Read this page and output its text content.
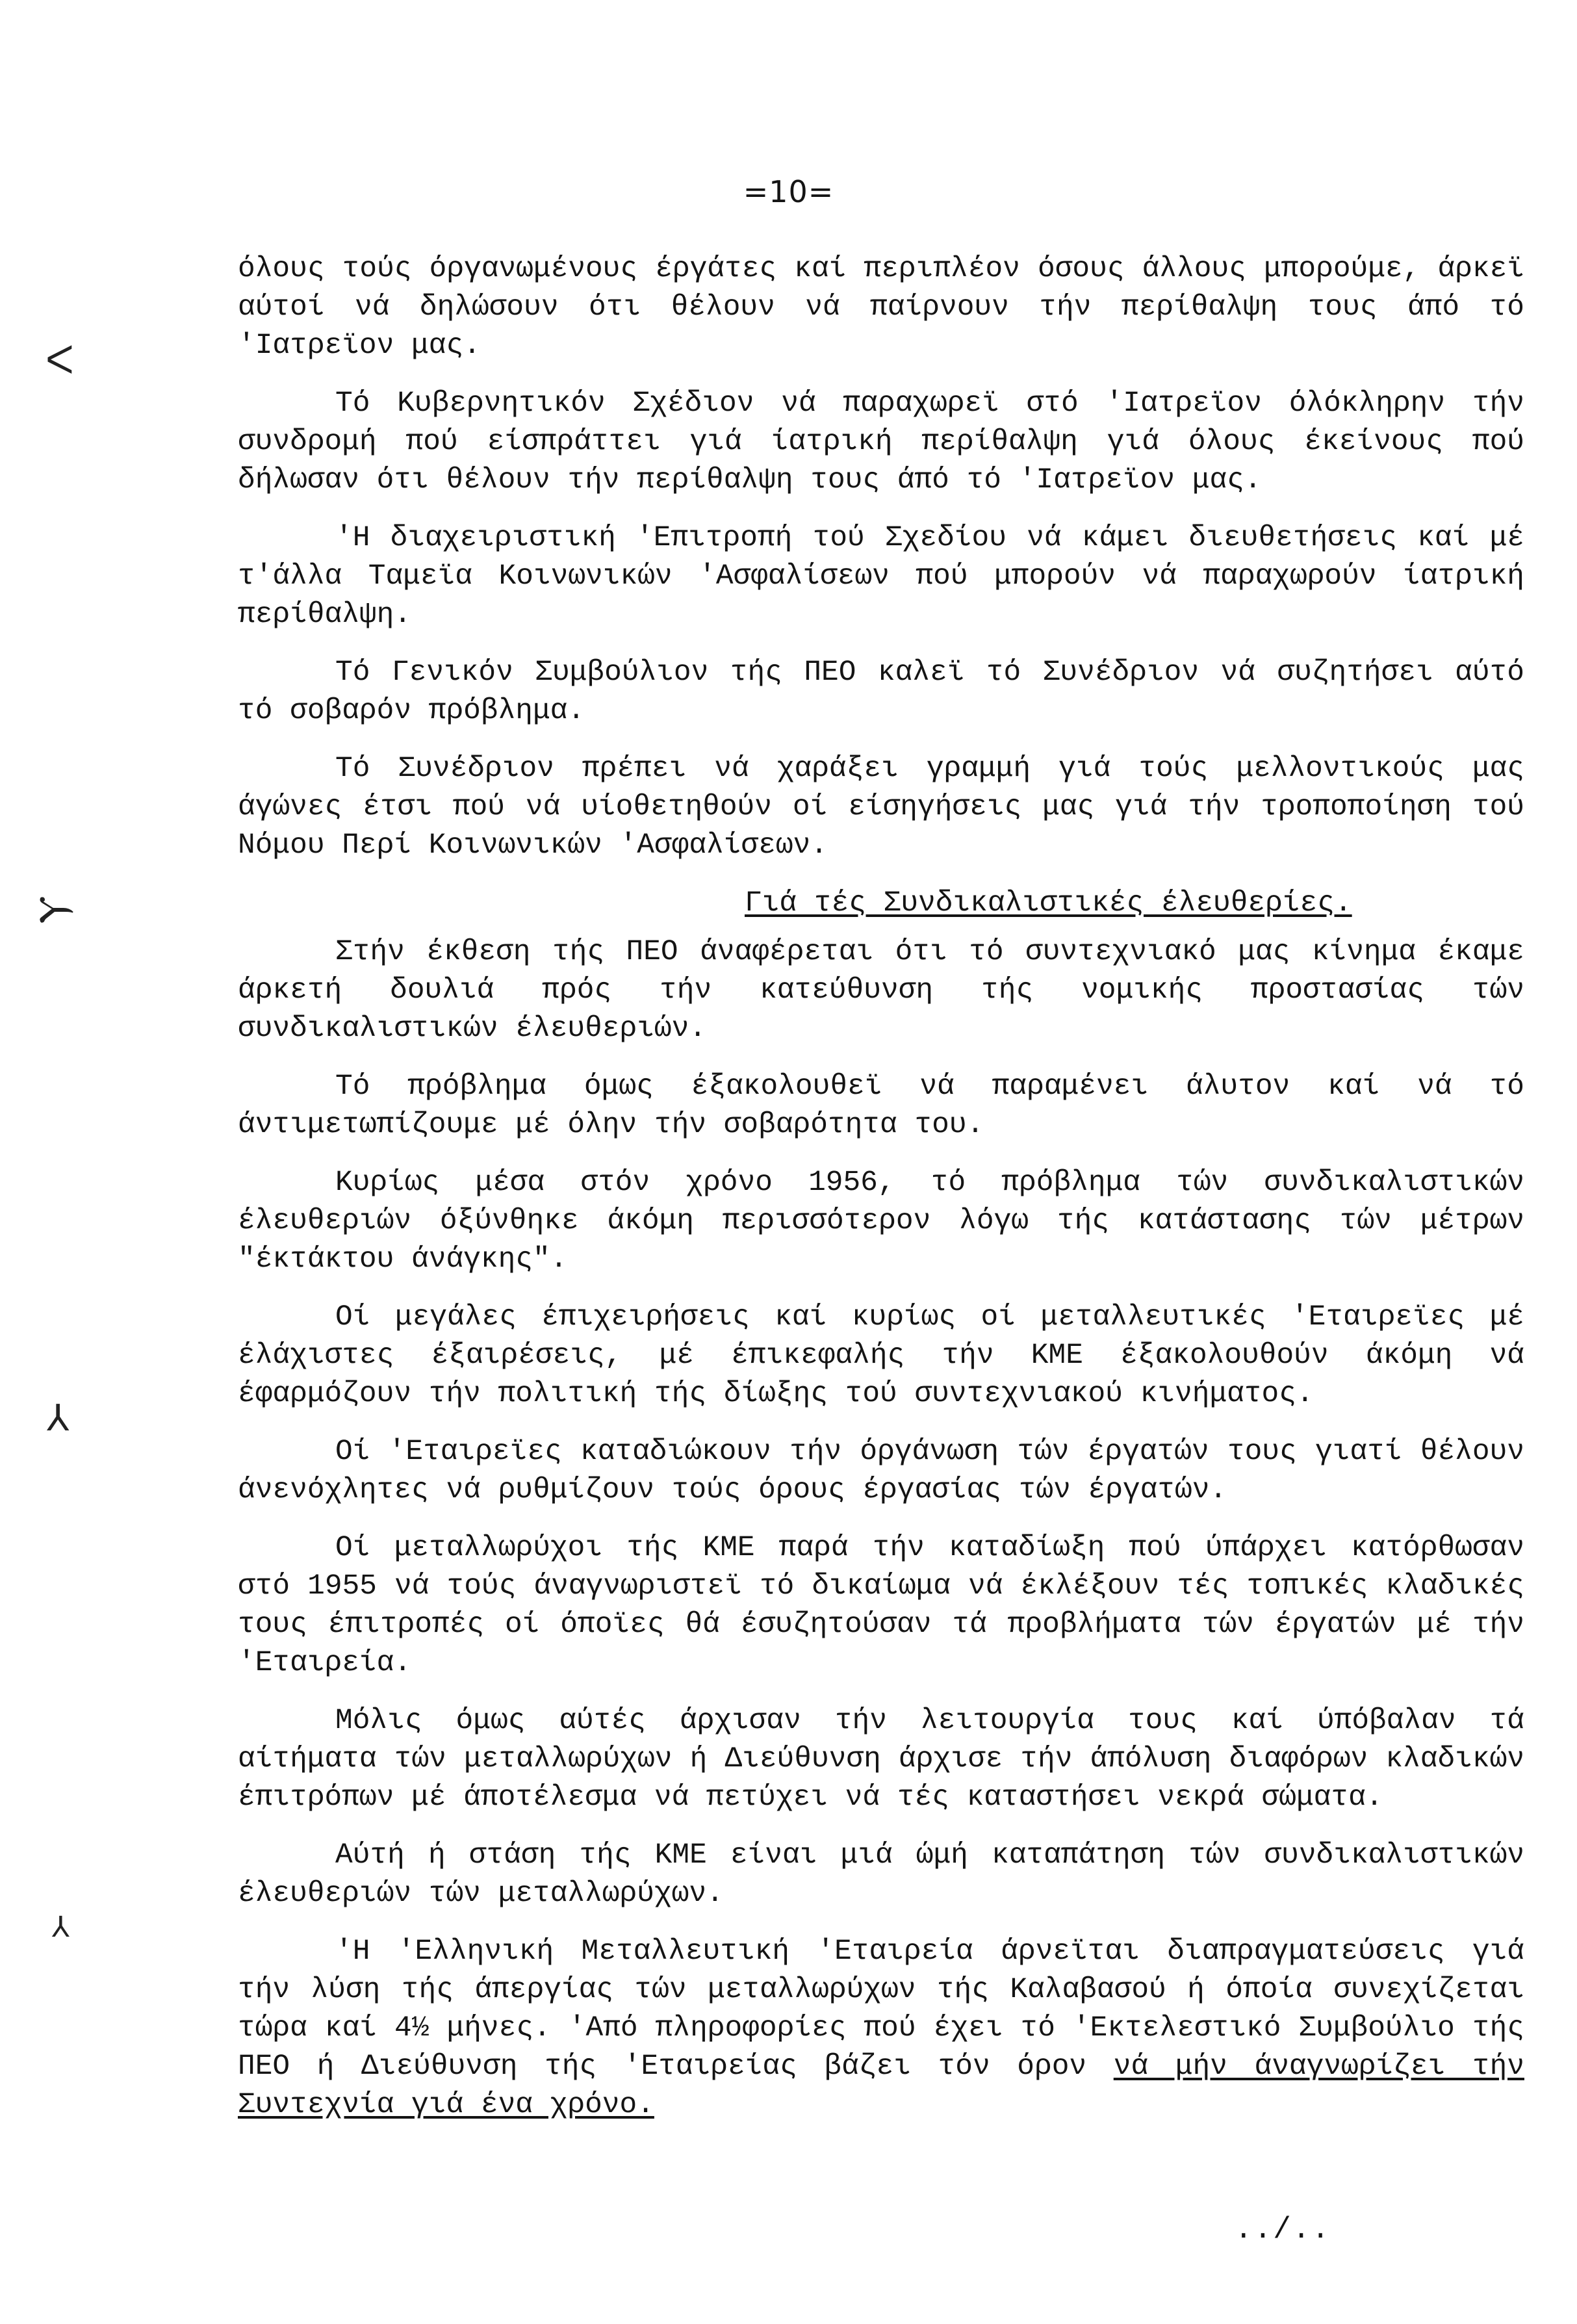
ᐸ
Ⲩ
⅄
⅄
=10=

όλους τούς όργανωμένους έργάτες καί περιπλέον όσους άλλους μπορούμε, άρκεϊ αύτοί νά δηλώσουν ότι θέλουν νά παίρνουν τήν περίθαλψη τους άπό τό 'Ιατρεϊον μας.

Τό Κυβερνητικόν Σχέδιον νά παραχωρεϊ στό 'Ιατρεϊον όλόκληρην τήν συνδρομή πού είσπράττει γιά ίατρική περίθαλψη γιά όλους έκείνους πού δήλωσαν ότι θέλουν τήν περίθαλψη τους άπό τό 'Ιατρεϊον μας.

'Η διαχειριστική 'Επιτροπή τού Σχεδίου νά κάμει διευθετήσεις καί μέ τ'άλλα Ταμεϊα Κοινωνικών 'Ασφαλίσεων πού μπορούν νά παραχωρούν ίατρική περίθαλψη.

Τό Γενικόν Συμβούλιον τής ΠΕΟ καλεϊ τό Συνέδριον νά συζητήσει αύτό τό σοβαρόν πρόβλημα.

Τό Συνέδριον πρέπει νά χαράξει γραμμή γιά τούς μελλοντικούς μας άγώνες έτσι πού νά υίοθετηθούν οί είσηγήσεις μας γιά τήν τροποποίηση τού Νόμου Περί Κοινωνικών 'Ασφαλίσεων.

Γιά τές Συνδικαλιστικές έλευθερίες.

Στήν έκθεση τής ΠΕΟ άναφέρεται ότι τό συντεχνιακό μας κίνημα έκαμε άρκετή δουλιά πρός τήν κατεύθυνση τής νομικής προστασίας τών συνδικαλιστικών έλευθεριών.

Τό πρόβλημα όμως έξακολουθεϊ νά παραμένει άλυτον καί νά τό άντιμετωπίζουμε μέ όλην τήν σοβαρότητα του.

Κυρίως μέσα στόν χρόνο 1956, τό πρόβλημα τών συνδικαλιστικών έλευθεριών όξύνθηκε άκόμη περισσότερον λόγω τής κατάστασης τών μέτρων "έκτάκτου άνάγκης".

Οί μεγάλες έπιχειρήσεις καί κυρίως οί μεταλλευτικές 'Εταιρεϊες μέ έλάχιστες έξαιρέσεις, μέ έπικεφαλής τήν ΚΜΕ έξακολουθούν άκόμη νά έφαρμόζουν τήν πολιτική τής δίωξης τού συντεχνιακού κινήματος.

Οί 'Εταιρεϊες καταδιώκουν τήν όργάνωση τών έργατών τους γιατί θέλουν άνενόχλητες νά ρυθμίζουν τούς όρους έργασίας τών έργατών.

Οί μεταλλωρύχοι τής ΚΜΕ παρά τήν καταδίωξη πού ύπάρχει κατόρθωσαν στό 1955 νά τούς άναγνωριστεϊ τό δικαίωμα νά έκλέξουν τές τοπικές κλαδικές τους έπιτροπές οί όποϊες θά έσυζητούσαν τά προβλήματα τών έργατών μέ τήν 'Εταιρεία.

Μόλις όμως αύτές άρχισαν τήν λειτουργία τους καί ύπόβαλαν τά αίτήματα τών μεταλλωρύχων ή Διεύθυνση άρχισε τήν άπόλυση διαφόρων κλαδικών έπιτρόπων μέ άποτέλεσμα νά πετύχει νά τές καταστήσει νεκρά σώματα.

Αύτή ή στάση τής ΚΜΕ είναι μιά ώμή καταπάτηση τών συνδικαλιστικών έλευθεριών τών μεταλλωρύχων.

'Η 'Ελληνική Μεταλλευτική 'Εταιρεία άρνεϊται διαπραγματεύσεις γιά τήν λύση τής άπεργίας τών μεταλλωρύχων τής Καλαβασού ή όποία συνεχίζεται τώρα καί 4½ μήνες. 'Από πληροφορίες πού έχει τό 'Εκτελεστικό Συμβούλιο τής ΠΕΟ ή Διεύθυνση τής 'Εταιρείας βάζει τόν όρον νά μήν άναγνωρίζει τήν Συντεχνία γιά ένα χρόνο.

../..
